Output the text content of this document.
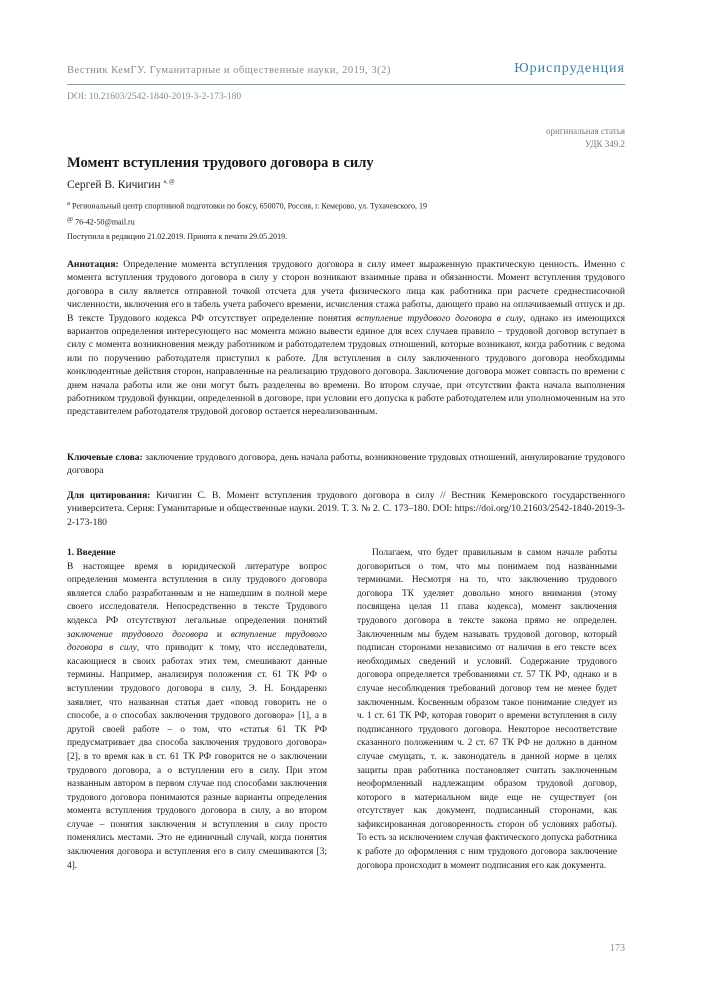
Вестник КемГУ. Гуманитарные и общественные науки, 2019, 3(2)	Юриспруденция
DOI: 10.21603/2542-1840-2019-3-2-173-180
оригинальная статья
УДК 349.2
Момент вступления трудового договора в силу
Сергей В. Кичигин $^{a, @}$
$^a$ Региональный центр спортивной подготовки по боксу, 650070, Россия, г. Кемерово, ул. Тухачевского, 19
@ 76-42-50@mail.ru
Поступила в редакцию 21.02.2019. Принята к печати 29.05.2019.
Аннотация: Определение момента вступления трудового договора в силу имеет выраженную практическую ценность. Именно с момента вступления трудового договора в силу у сторон возникают взаимные права и обязанности. Момент вступления трудового договора в силу является отправной точкой отсчета для учета физического лица как работника при расчете среднесписочной численности, включения его в табель учета рабочего времени, исчисления стажа работы, дающего право на оплачиваемый отпуск и др. В тексте Трудового кодекса РФ отсутствует определение понятия вступление трудового договора в силу, однако из имеющихся вариантов определения интересующего нас момента можно вывести единое для всех случаев правило – трудовой договор вступает в силу с момента возникновения между работником и работодателем трудовых отношений, которые возникают, когда работник с ведома или по поручению работодателя приступил к работе. Для вступления в силу заключенного трудового договора необходимы конклюдентные действия сторон, направленные на реализацию трудового договора. Заключение договора может совпасть по времени с днем начала работы или же они могут быть разделены во времени. Во втором случае, при отсутствии факта начала выполнения работником трудовой функции, определенной в договоре, при условии его допуска к работе работодателем или уполномоченным на это представителем работодателя трудовой договор остается нереализованным.
Ключевые слова: заключение трудового договора, день начала работы, возникновение трудовых отношений, аннулирование трудового договора
Для цитирования: Кичигин С. В. Момент вступления трудового договора в силу // Вестник Кемеровского государственного университета. Серия: Гуманитарные и общественные науки. 2019. Т. 3. № 2. С. 173–180. DOI: https://doi.org/10.21603/2542-1840-2019-3-2-173-180

1. Введение

В настоящее время в юридической литературе вопрос определения момента вступления в силу трудового договора является слабо разработанным и не нашедшим в полной мере своего исследователя. Непосредственно в тексте Трудового кодекса РФ отсутствуют легальные определения понятий заключение трудового договора и вступление трудового договора в силу, что приводит к тому, что исследователи, касающиеся в своих работах этих тем, смешивают данные термины. Например, анализируя положения ст. 61 ТК РФ о вступлении трудового договора в силу, Э. Н. Бондаренко заявляет, что названная статья дает «повод говорить не о способе, а о способах заключения трудового договора» [1], а в другой своей работе – о том, что «статья 61 ТК РФ предусматривает два способа заключения трудового договора» [2], в то время как в ст. 61 ТК РФ говорится не о заключении трудового договора, а о вступлении его в силу. При этом названным автором в первом случае под способами заключения трудового договора понимаются разные варианты определения момента вступления трудового договора в силу, а во втором случае – понятия заключения и вступления в силу просто поменялись местами. Это не единичный случай, когда понятия заключения договора и вступления его в силу смешиваются [3; 4].

Полагаем, что будет правильным в самом начале работы договориться о том, что мы понимаем под названными терминами. Несмотря на то, что заключению трудового договора ТК уделяет довольно много внимания (этому посвящена целая 11 глава кодекса), момент заключения трудового договора в тексте закона прямо не определен. Заключенным мы будем называть трудовой договор, который подписан сторонами независимо от наличия в его тексте всех необходимых сведений и условий. Содержание трудового договора определяется требованиями ст. 57 ТК РФ, однако и в случае несоблюдения требований договор тем не менее будет заключенным. Косвенным образом такое понимание следует из ч. 1 ст. 61 ТК РФ, которая говорит о времени вступления в силу подписанного трудового договора. Некоторое несоответствие сказанного положениям ч. 2 ст. 67 ТК РФ не должно в данном случае смущать, т. к. законодатель в данной норме в целях защиты прав работника постановляет считать заключенным неоформленный надлежащим образом трудовой договор, которого в материальном виде еще не существует (он отсутствует как документ, подписанный сторонами, как зафиксированная договоренность сторон об условиях работы). То есть за исключением случая фактического допуска работника к работе до оформления с ним трудового договора заключение договора происходит в момент подписания его как документа.

173
